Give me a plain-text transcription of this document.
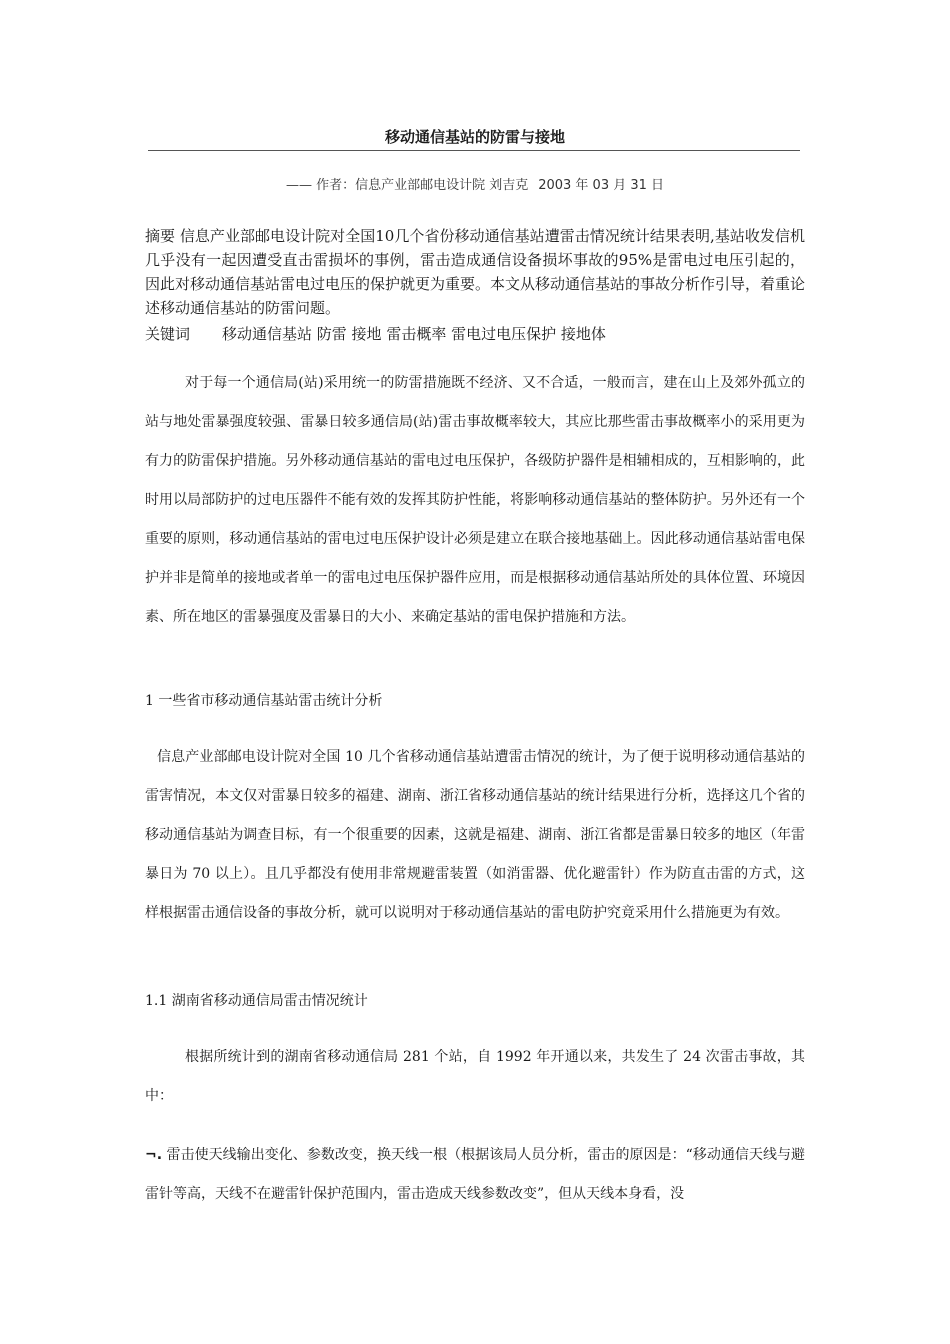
移动通信基站的防雷与接地
—— 作者：信息产业部邮电设计院 刘吉克 2003 年 03 月 31 日

摘要 信息产业部邮电设计院对全国10几个省份移动通信基站遭雷击情况统计结果表明,基站收发信机几乎没有一起因遭受直击雷损坏的事例，雷击造成通信设备损坏事故的95%是雷电过电压引起的，因此对移动通信基站雷电过电压的保护就更为重要。本文从移动通信基站的事故分析作引导，着重论述移动通信基站的防雷问题。

关键词 移动通信基站 防雷 接地 雷击概率 雷电过电压保护 接地体

对于每一个通信局(站)采用统一的防雷措施既不经济、又不合适，一般而言，建在山上及郊外孤立的站与地处雷暴强度较强、雷暴日较多通信局(站)雷击事故概率较大，其应比那些雷击事故概率小的采用更为有力的防雷保护措施。另外移动通信基站的雷电过电压保护，各级防护器件是相辅相成的，互相影响的，此时用以局部防护的过电压器件不能有效的发挥其防护性能，将影响移动通信基站的整体防护。另外还有一个重要的原则，移动通信基站的雷电过电压保护设计必须是建立在联合接地基础上。因此移动通信基站雷电保护并非是简单的接地或者单一的雷电过电压保护器件应用，而是根据移动通信基站所处的具体位置、环境因素、所在地区的雷暴强度及雷暴日的大小、来确定基站的雷电保护措施和方法。

1 一些省市移动通信基站雷击统计分析

信息产业部邮电设计院对全国 10 几个省移动通信基站遭雷击情况的统计，为了便于说明移动通信基站的雷害情况，本文仅对雷暴日较多的福建、湖南、浙江省移动通信基站的统计结果进行分析，选择这几个省的移动通信基站为调查目标，有一个很重要的因素，这就是福建、湖南、浙江省都是雷暴日较多的地区（年雷暴日为 70 以上）。且几乎都没有使用非常规避雷装置（如消雷器、优化避雷针）作为防直击雷的方式，这样根据雷击通信设备的事故分析，就可以说明对于移动通信基站的雷电防护究竟采用什么措施更为有效。

1.1 湖南省移动通信局雷击情况统计

根据所统计到的湖南省移动通信局 281 个站，自 1992 年开通以来，共发生了 24 次雷击事故，其中：

¬. 雷击使天线输出变化、参数改变，换天线一根（根据该局人员分析，雷击的原因是：“移动通信天线与避雷针等高，天线不在避雷针保护范围内，雷击造成天线参数改变”，但从天线本身看，没
